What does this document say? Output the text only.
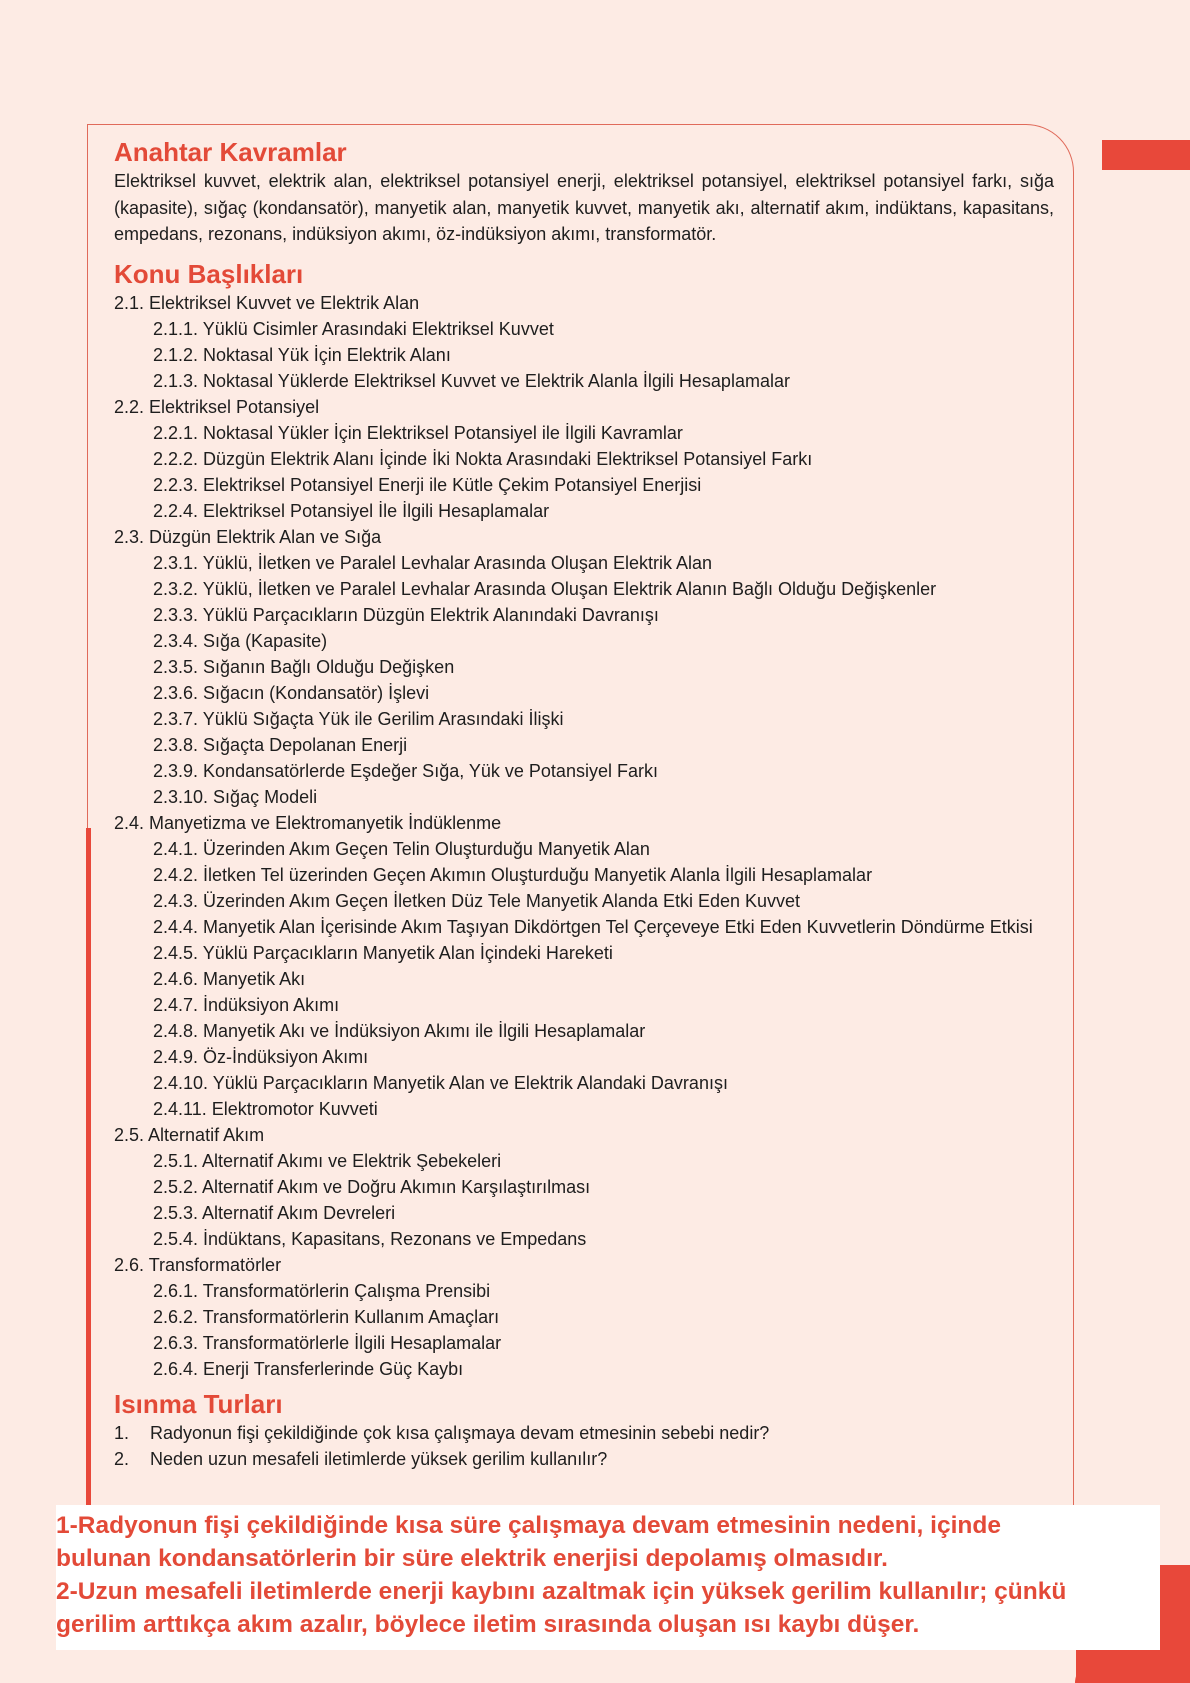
Anahtar Kavramlar

Elektriksel kuvvet, elektrik alan, elektriksel potansiyel enerji, elektriksel potansiyel, elektriksel potansiyel farkı, sığa (kapasite), sığaç (kondansatör), manyetik alan, manyetik kuvvet, manyetik akı, alternatif akım, indüktans, kapasitans, empedans, rezonans, indüksiyon akımı, öz-indüksiyon akımı, transformatör.

Konu Başlıkları
2.1. Elektriksel Kuvvet ve Elektrik Alan
2.1.1. Yüklü Cisimler Arasındaki Elektriksel Kuvvet
2.1.2. Noktasal Yük İçin Elektrik Alanı
2.1.3. Noktasal Yüklerde Elektriksel Kuvvet ve Elektrik Alanla İlgili Hesaplamalar
2.2. Elektriksel Potansiyel
2.2.1. Noktasal Yükler İçin Elektriksel Potansiyel ile İlgili Kavramlar
2.2.2. Düzgün Elektrik Alanı İçinde İki Nokta Arasındaki Elektriksel Potansiyel Farkı
2.2.3. Elektriksel Potansiyel Enerji ile Kütle Çekim Potansiyel Enerjisi
2.2.4. Elektriksel Potansiyel İle İlgili Hesaplamalar
2.3. Düzgün Elektrik Alan ve Sığa
2.3.1. Yüklü, İletken ve Paralel Levhalar Arasında Oluşan Elektrik Alan
2.3.2. Yüklü, İletken ve Paralel Levhalar Arasında Oluşan Elektrik Alanın Bağlı Olduğu Değişkenler
2.3.3. Yüklü Parçacıkların Düzgün Elektrik Alanındaki Davranışı
2.3.4. Sığa (Kapasite)
2.3.5. Sığanın Bağlı Olduğu Değişken
2.3.6. Sığacın (Kondansatör) İşlevi
2.3.7. Yüklü Sığaçta Yük ile Gerilim Arasındaki İlişki
2.3.8. Sığaçta Depolanan Enerji
2.3.9. Kondansatörlerde Eşdeğer Sığa, Yük ve Potansiyel Farkı
2.3.10. Sığaç Modeli
2.4. Manyetizma ve Elektromanyetik İndüklenme
2.4.1. Üzerinden Akım Geçen Telin Oluşturduğu Manyetik Alan
2.4.2. İletken Tel üzerinden Geçen Akımın Oluşturduğu Manyetik Alanla İlgili Hesaplamalar
2.4.3. Üzerinden Akım Geçen İletken Düz Tele Manyetik Alanda Etki Eden Kuvvet
2.4.4. Manyetik Alan İçerisinde Akım Taşıyan Dikdörtgen Tel Çerçeveye Etki Eden Kuvvetlerin Döndürme Etkisi
2.4.5. Yüklü Parçacıkların Manyetik Alan İçindeki Hareketi
2.4.6. Manyetik Akı
2.4.7. İndüksiyon Akımı
2.4.8. Manyetik Akı ve İndüksiyon Akımı ile İlgili Hesaplamalar
2.4.9. Öz-İndüksiyon Akımı
2.4.10. Yüklü Parçacıkların Manyetik Alan ve Elektrik Alandaki Davranışı
2.4.11. Elektromotor Kuvveti
2.5. Alternatif Akım
2.5.1. Alternatif Akımı ve Elektrik Şebekeleri
2.5.2. Alternatif Akım ve Doğru Akımın Karşılaştırılması
2.5.3. Alternatif Akım Devreleri
2.5.4. İndüktans, Kapasitans, Rezonans ve Empedans
2.6. Transformatörler
2.6.1. Transformatörlerin Çalışma Prensibi
2.6.2. Transformatörlerin Kullanım Amaçları
2.6.3. Transformatörlerle İlgili Hesaplamalar
2.6.4. Enerji Transferlerinde Güç Kaybı
Isınma Turları
1.	Radyonun fişi çekildiğinde çok kısa çalışmaya devam etmesinin sebebi nedir?
2.	Neden uzun mesafeli iletimlerde yüksek gerilim kullanılır?

1-Radyonun fişi çekildiğinde kısa süre çalışmaya devam etmesinin nedeni, içinde

bulunan kondansatörlerin bir süre elektrik enerjisi depolamış olmasıdır.

2-Uzun mesafeli iletimlerde enerji kaybını azaltmak için yüksek gerilim kullanılır; çünkü

gerilim arttıkça akım azalır, böylece iletim sırasında oluşan ısı kaybı düşer.
